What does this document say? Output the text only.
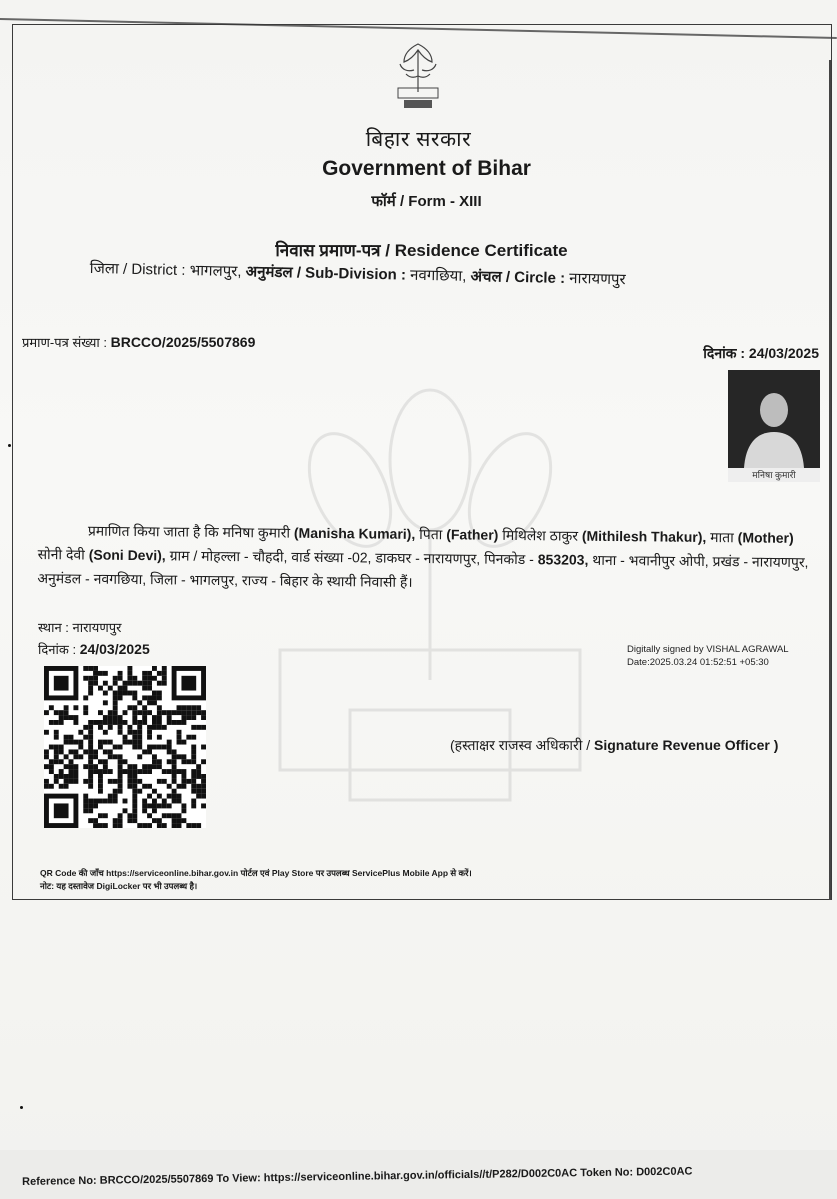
बिहार सरकार
Government of Bihar
फॉर्म / Form - XIII
निवास प्रमाण-पत्र / Residence Certificate
जिला / District : भागलपुर, अनुमंडल / Sub-Division : नवगछिया, अंचल / Circle : नारायणपुर
प्रमाण-पत्र संख्या : BRCCO/2025/5507869
दिनांक : 24/03/2025
मनिषा कुमारी
प्रमाणित किया जाता है कि मनिषा कुमारी (Manisha Kumari), पिता (Father) मिथिलेश ठाकुर (Mithilesh Thakur), माता (Mother) सोनी देवी (Soni Devi), ग्राम / मोहल्ला - चौहदी, वार्ड संख्या -02, डाकघर - नारायणपुर, पिनकोड - 853203, थाना - भवानीपुर ओपी, प्रखंड - नारायणपुर, अनुमंडल - नवगछिया, जिला - भागलपुर, राज्य - बिहार के स्थायी निवासी हैं।
स्थान : नारायणपुर
दिनांक : 24/03/2025	Digitally signed by VISHAL AGRAWAL
Date:2025.03.24 01:52:51 +05:30
(हस्ताक्षर राजस्व अधिकारी / Signature Revenue Officer )
QR Code की जाँच https://serviceonline.bihar.gov.in पोर्टल एवं Play Store पर उपलब्ध ServicePlus Mobile App से करें।
नोट: यह दस्तावेज DigiLocker पर भी उपलब्ध है।
Reference No: BRCCO/2025/5507869 To View: https://serviceonline.bihar.gov.in/officials//t/P282/D002C0AC Token No: D002C0AC
